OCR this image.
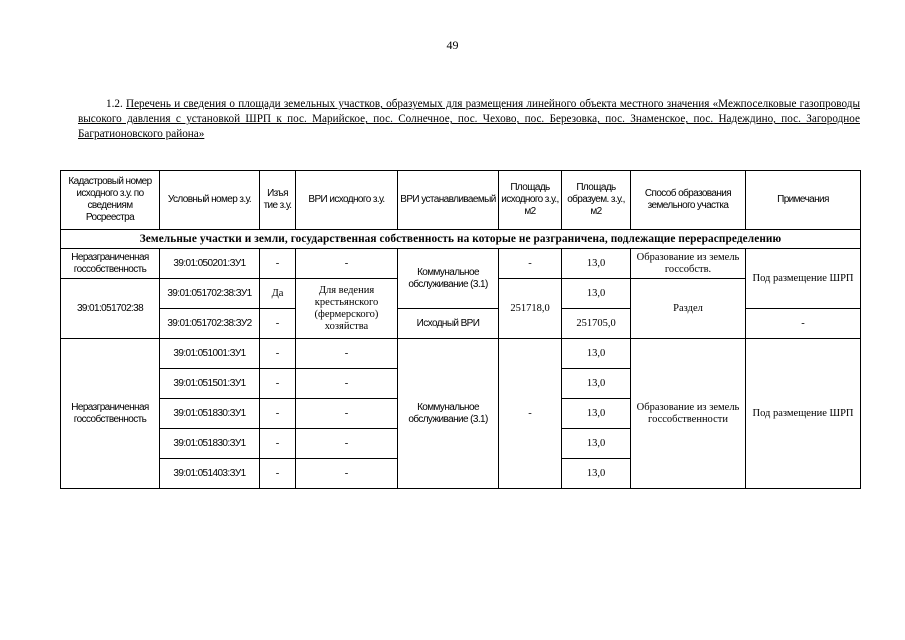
49
1.2. Перечень и сведения о площади земельных участков, образуемых для размещения линейного объекта местного значения «Межпоселковые газопроводы высокого давления с установкой ШРП к пос. Марийское, пос. Солнечное, пос. Чехово, пос. Березовка, пос. Знаменское, пос. Надеждино, пос. Загородное Багратионовского района»
Кадастровый номер исходного з.у. по сведениям Росреестра	Условный номер з.у.	Изъя тие з.у.	ВРИ исходного з.у.	ВРИ устанавливаемый	Площадь исходного з.у., м2	Площадь образуем. з.у., м2	Способ образования земельного участка	Примечания
Земельные участки и земли, государственная собственность на которые не разграничена, подлежащие перераспределению								
Неразграниченная госсобственность	39:01:050201:ЗУ1	-	-	Коммунальное обслуживание (3.1)	-	13,0	Образование из земель госсобств.	Под размещение ШРП
39:01:051702:38	39:01:051702:38:ЗУ1	Да	Для ведения крестьянского (фермерского) хозяйства		251718,0	13,0	Раздел	
	39:01:051702:38:ЗУ2	-		Исходный ВРИ		251705,0		-
Неразграниченная госсобственность	39:01:051001:ЗУ1	-	-	Коммунальное обслуживание (3.1)	-	13,0	Образование из земель госсобственности	Под размещение ШРП
	39:01:051501:ЗУ1	-	-			13,0		
	39:01:051830:ЗУ1	-	-			13,0		
	39:01:051830:ЗУ1	-	-			13,0		
	39:01:051403:ЗУ1	-	-			13,0		
